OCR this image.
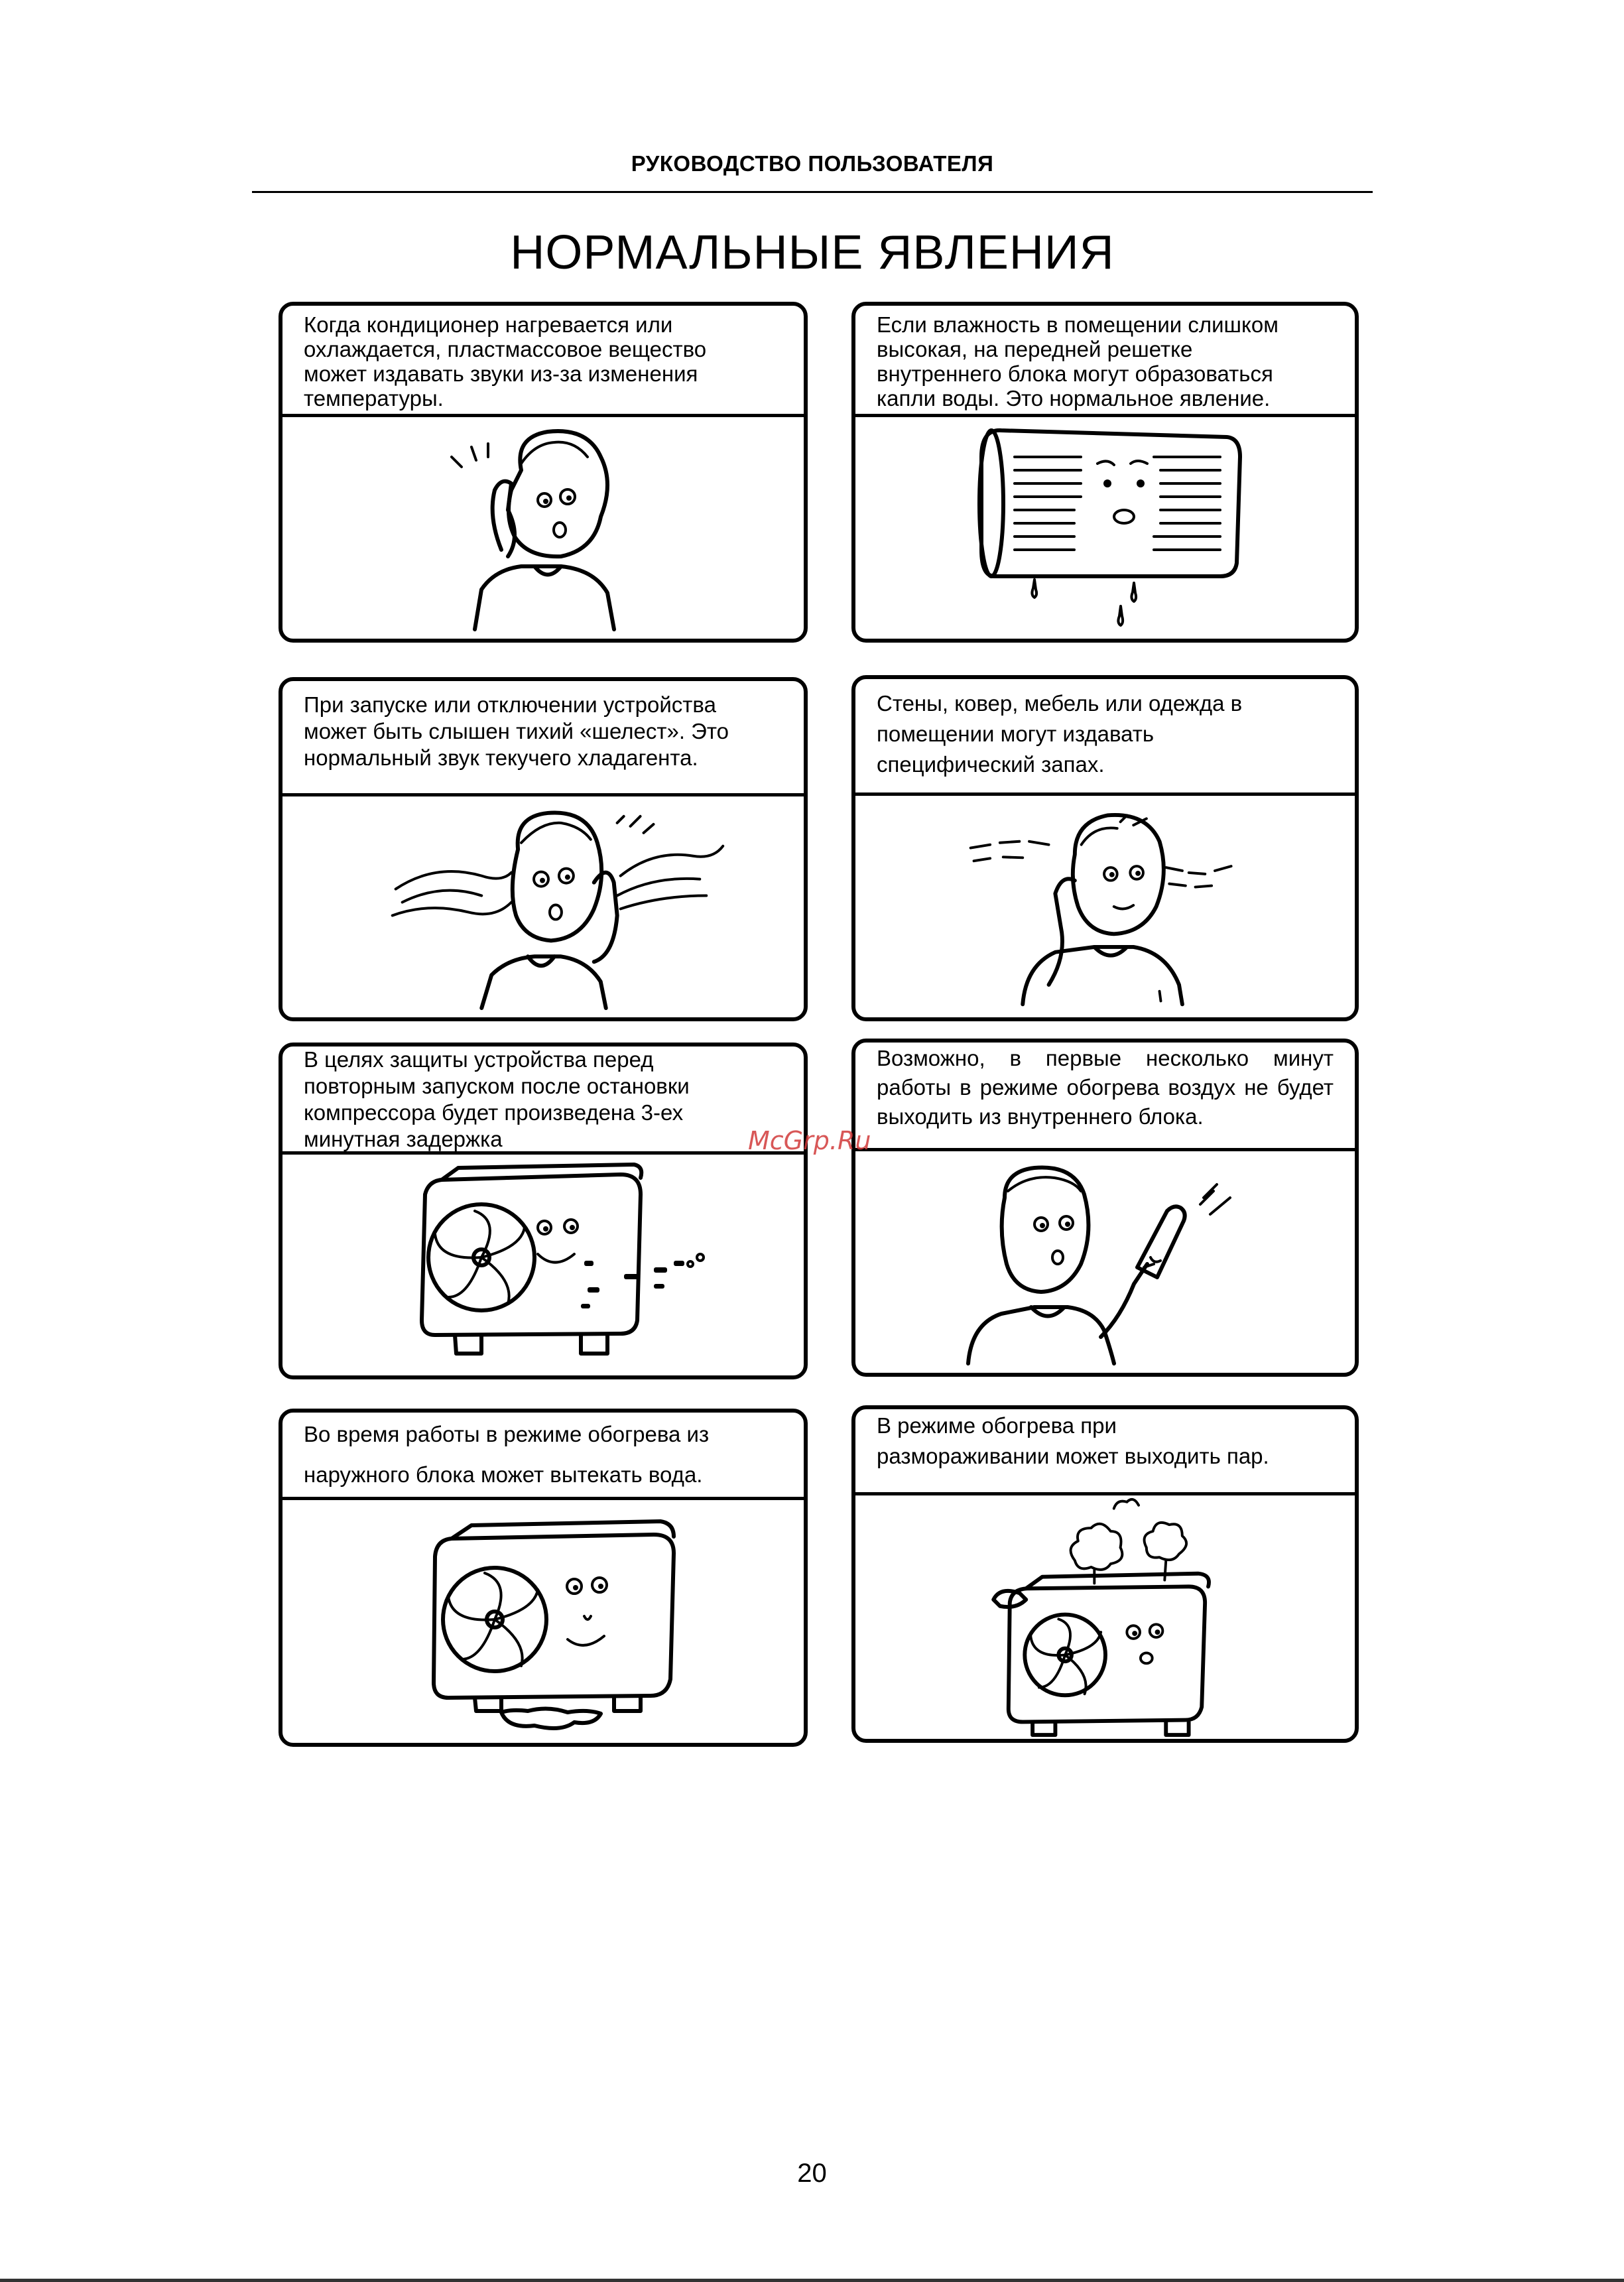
РУКОВОДСТВО ПОЛЬЗОВАТЕЛЯ
НОРМАЛЬНЫЕ ЯВЛЕНИЯ
Когда кондиционер нагревается или
охлаждается, пластмассовое вещество
может издавать звуки из-за изменения
температуры.
Если влажность в помещении слишком
высокая, на передней решетке
внутреннего блока могут образоваться
капли воды. Это нормальное явление.
При запуске или отключении устройства
может быть слышен тихий «шелест». Это
нормальный звук текучего хладагента.
Стены, ковер, мебель или одежда в
помещении могут издавать
специфический запах.
В целях защиты устройства перед
повторным запуском после остановки
компрессора будет произведена 3-ех
минутная задержка
Возможно, в первые несколько минут работы в режиме обогрева воздух не будет выходить из внутреннего блока.
Во время работы в режиме обогрева из
наружного блока может вытекать вода.
В режиме обогрева при
размораживании может выходить пар.
McGrp.Ru
20
